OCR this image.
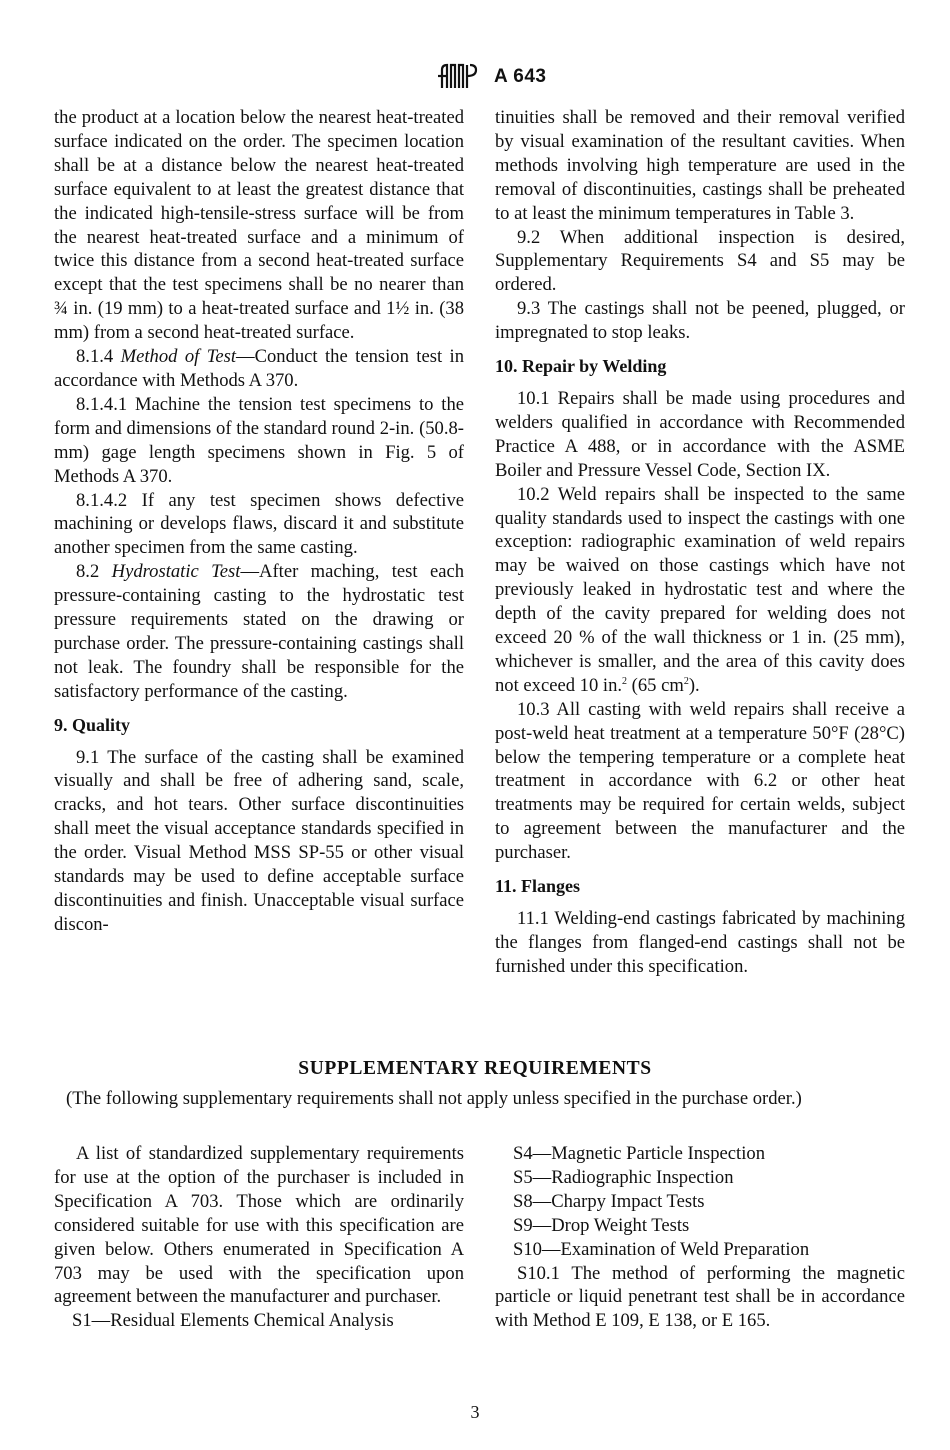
A 643

the product at a location below the nearest heat-treated surface indicated on the order. The specimen location shall be at a distance below the nearest heat-treated surface equivalent to at least the greatest distance that the indicated high-tensile-stress surface will be from the nearest heat-treated surface and a minimum of twice this distance from a second heat-treated surface except that the test specimens shall be no nearer than ¾ in. (19 mm) to a heat-treated surface and 1½ in. (38 mm) from a second heat-treated surface.

8.1.4 Method of Test—Conduct the tension test in accordance with Methods A 370.

8.1.4.1 Machine the tension test specimens to the form and dimensions of the standard round 2-in. (50.8-mm) gage length specimens shown in Fig. 5 of Methods A 370.

8.1.4.2 If any test specimen shows defective machining or develops flaws, discard it and substitute another specimen from the same casting.

8.2 Hydrostatic Test—After maching, test each pressure-containing casting to the hydrostatic test pressure requirements stated on the drawing or purchase order. The pressure-containing castings shall not leak. The foundry shall be responsible for the satisfactory performance of the casting.

9. Quality

9.1 The surface of the casting shall be examined visually and shall be free of adhering sand, scale, cracks, and hot tears. Other surface discontinuities shall meet the visual acceptance standards specified in the order. Visual Method MSS SP-55 or other visual standards may be used to define acceptable surface discontinuities and finish. Unacceptable visual surface discon-

tinuities shall be removed and their removal verified by visual examination of the resultant cavities. When methods involving high temperature are used in the removal of discontinuities, castings shall be preheated to at least the minimum temperatures in Table 3.

9.2 When additional inspection is desired, Supplementary Requirements S4 and S5 may be ordered.

9.3 The castings shall not be peened, plugged, or impregnated to stop leaks.

10. Repair by Welding

10.1 Repairs shall be made using procedures and welders qualified in accordance with Recommended Practice A 488, or in accordance with the ASME Boiler and Pressure Vessel Code, Section IX.

10.2 Weld repairs shall be inspected to the same quality standards used to inspect the castings with one exception: radiographic examination of weld repairs may be waived on those castings which have not previously leaked in hydrostatic test and where the depth of the cavity prepared for welding does not exceed 20 % of the wall thickness or 1 in. (25 mm), whichever is smaller, and the area of this cavity does not exceed 10 in.$^2$ (65 $cm^2$).

10.3 All casting with weld repairs shall receive a post-weld heat treatment at a temperature 50°F (28°C) below the tempering temperature or a complete heat treatment in accordance with 6.2 or other heat treatments may be required for certain welds, subject to agreement between the manufacturer and the purchaser.

11. Flanges

11.1 Welding-end castings fabricated by machining the flanges from flanged-end castings shall not be furnished under this specification.

SUPPLEMENTARY REQUIREMENTS
(The following supplementary requirements shall not apply unless specified in the purchase order.)

A list of standardized supplementary requirements for use at the option of the purchaser is included in Specification A 703. Those which are ordinarily considered suitable for use with this specification are given below. Others enumerated in Specification A 703 may be used with the specification upon agreement between the manufacturer and purchaser.

S1—Residual Elements Chemical Analysis

S4—Magnetic Particle Inspection

S5—Radiographic Inspection

S8—Charpy Impact Tests

S9—Drop Weight Tests

S10—Examination of Weld Preparation

S10.1 The method of performing the magnetic particle or liquid penetrant test shall be in accordance with Method E 109, E 138, or E 165.

3
